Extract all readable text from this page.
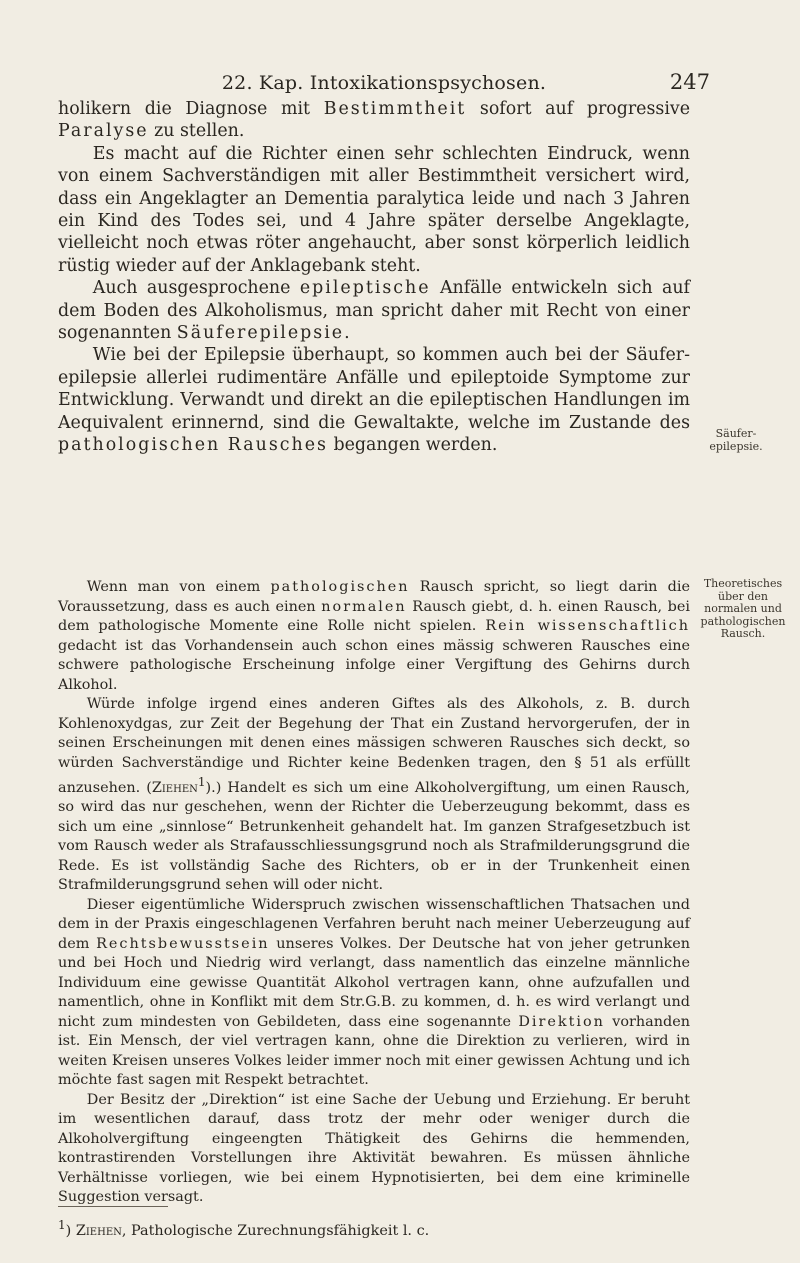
22. Kap. Intoxikationspsychosen.	247

holikern die Diagnose mit Bestimmtheit sofort auf progressive Paralyse zu stellen.

Es macht auf die Richter einen sehr schlechten Eindruck, wenn von einem Sachverständigen mit aller Bestimmtheit versichert wird, dass ein Angeklagter an Dementia paralytica leide und nach 3 Jahren ein Kind des Todes sei, und 4 Jahre später derselbe Angeklagte, vielleicht noch etwas röter angehaucht, aber sonst körperlich leidlich rüstig wieder auf der Anklagebank steht.

Auch ausgesprochene epileptische Anfälle entwickeln sich auf dem Boden des Alkoholismus, man spricht daher mit Recht von einer sogenannten Säuferepilepsie.

Wie bei der Epilepsie überhaupt, so kommen auch bei der Säufer-epilepsie allerlei rudimentäre Anfälle und epileptoide Symptome zur Entwicklung. Verwandt und direkt an die epileptischen Handlungen im Aequivalent erinnernd, sind die Gewaltakte, welche im Zustande des pathologischen Rausches begangen werden.

Wenn man von einem pathologischen Rausch spricht, so liegt darin die Voraussetzung, dass es auch einen normalen Rausch giebt, d. h. einen Rausch, bei dem pathologische Momente eine Rolle nicht spielen. Rein wissenschaftlich gedacht ist das Vorhandensein auch schon eines mässig schweren Rausches eine schwere pathologische Erscheinung infolge einer Vergiftung des Gehirns durch Alkohol.

Würde infolge irgend eines anderen Giftes als des Alkohols, z. B. durch Kohlenoxydgas, zur Zeit der Begehung der That ein Zustand hervorgerufen, der in seinen Erscheinungen mit denen eines mässigen schweren Rausches sich deckt, so würden Sachverständige und Richter keine Bedenken tragen, den § 51 als erfüllt anzusehen. (Ziehen$^1$).) Handelt es sich um eine Alkoholvergiftung, um einen Rausch, so wird das nur geschehen, wenn der Richter die Ueberzeugung bekommt, dass es sich um eine „sinnlose“ Betrunkenheit gehandelt hat. Im ganzen Strafgesetzbuch ist vom Rausch weder als Strafausschliessungsgrund noch als Strafmilderungsgrund die Rede. Es ist vollständig Sache des Richters, ob er in der Trunkenheit einen Strafmilderungsgrund sehen will oder nicht.

Dieser eigentümliche Widerspruch zwischen wissenschaftlichen Thatsachen und dem in der Praxis eingeschlagenen Verfahren beruht nach meiner Ueberzeugung auf dem Rechtsbewusstsein unseres Volkes. Der Deutsche hat von jeher getrunken und bei Hoch und Niedrig wird verlangt, dass namentlich das einzelne männliche Individuum eine gewisse Quantität Alkohol vertragen kann, ohne aufzufallen und namentlich, ohne in Konflikt mit dem Str.G.B. zu kommen, d. h. es wird verlangt und nicht zum mindesten von Gebildeten, dass eine sogenannte Direktion vorhanden ist. Ein Mensch, der viel vertragen kann, ohne die Direktion zu verlieren, wird in weiten Kreisen unseres Volkes leider immer noch mit einer gewissen Achtung und ich möchte fast sagen mit Respekt betrachtet.

Der Besitz der „Direktion“ ist eine Sache der Uebung und Erziehung. Er beruht im wesentlichen darauf, dass trotz der mehr oder weniger durch die Alkoholvergiftung eingeengten Thätigkeit des Gehirns die hemmenden, kontrastirenden Vorstellungen ihre Aktivität bewahren. Es müssen ähnliche Verhältnisse vorliegen, wie bei einem Hypnotisierten, bei dem eine kriminelle Suggestion versagt.

Säufer-
epilepsie.
Theoretisches
über den
normalen und
pathologischen
Rausch.
$^1$) Ziehen, Pathologische Zurechnungsfähigkeit l. c.
